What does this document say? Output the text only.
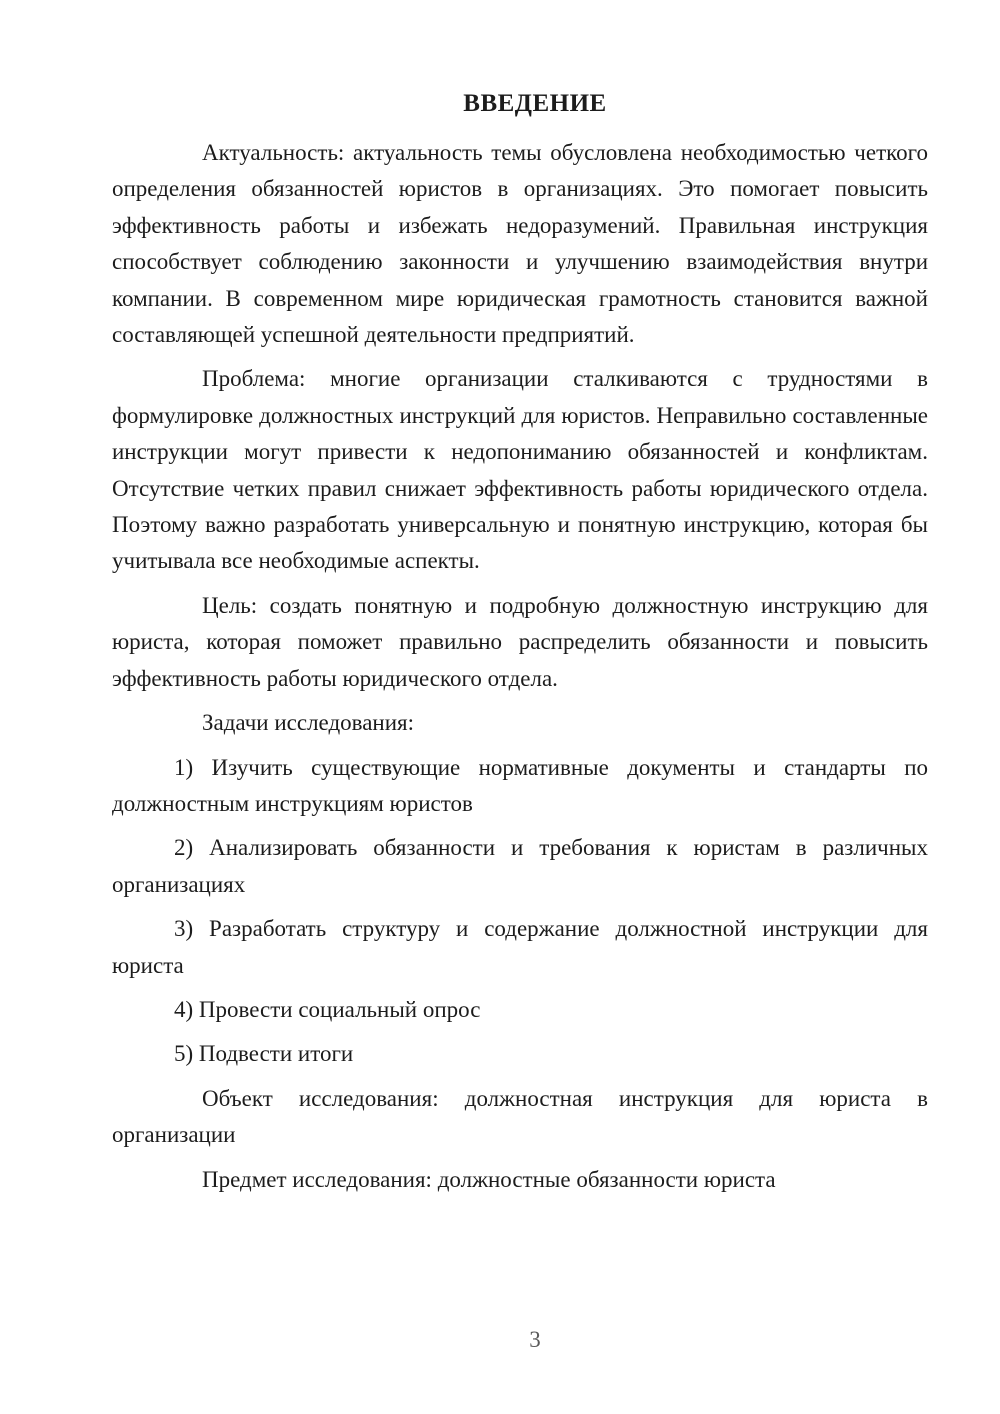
ВВЕДЕНИЕ

Актуальность: актуальность темы обусловлена необходимостью четкого определения обязанностей юристов в организациях. Это помогает повысить эффективность работы и избежать недоразумений. Правильная инструкция способствует соблюдению законности и улучшению взаимодействия внутри компании. В современном мире юридическая грамотность становится важной составляющей успешной деятельности предприятий.

Проблема: многие организации сталкиваются с трудностями в формулировке должностных инструкций для юристов. Неправильно составленные инструкции могут привести к недопониманию обязанностей и конфликтам. Отсутствие четких правил снижает эффективность работы юридического отдела. Поэтому важно разработать универсальную и понятную инструкцию, которая бы учитывала все необходимые аспекты.

Цель: создать понятную и подробную должностную инструкцию для юриста, которая поможет правильно распределить обязанности и повысить эффективность работы юридического отдела.

Задачи исследования:

1) Изучить существующие нормативные документы и стандарты по должностным инструкциям юристов

2) Анализировать обязанности и требования к юристам в различных организациях

3) Разработать структуру и содержание должностной инструкции для юриста

4) Провести социальный опрос

5) Подвести итоги

Объект исследования: должностная инструкция для юриста в организации

Предмет исследования: должностные обязанности юриста

3
